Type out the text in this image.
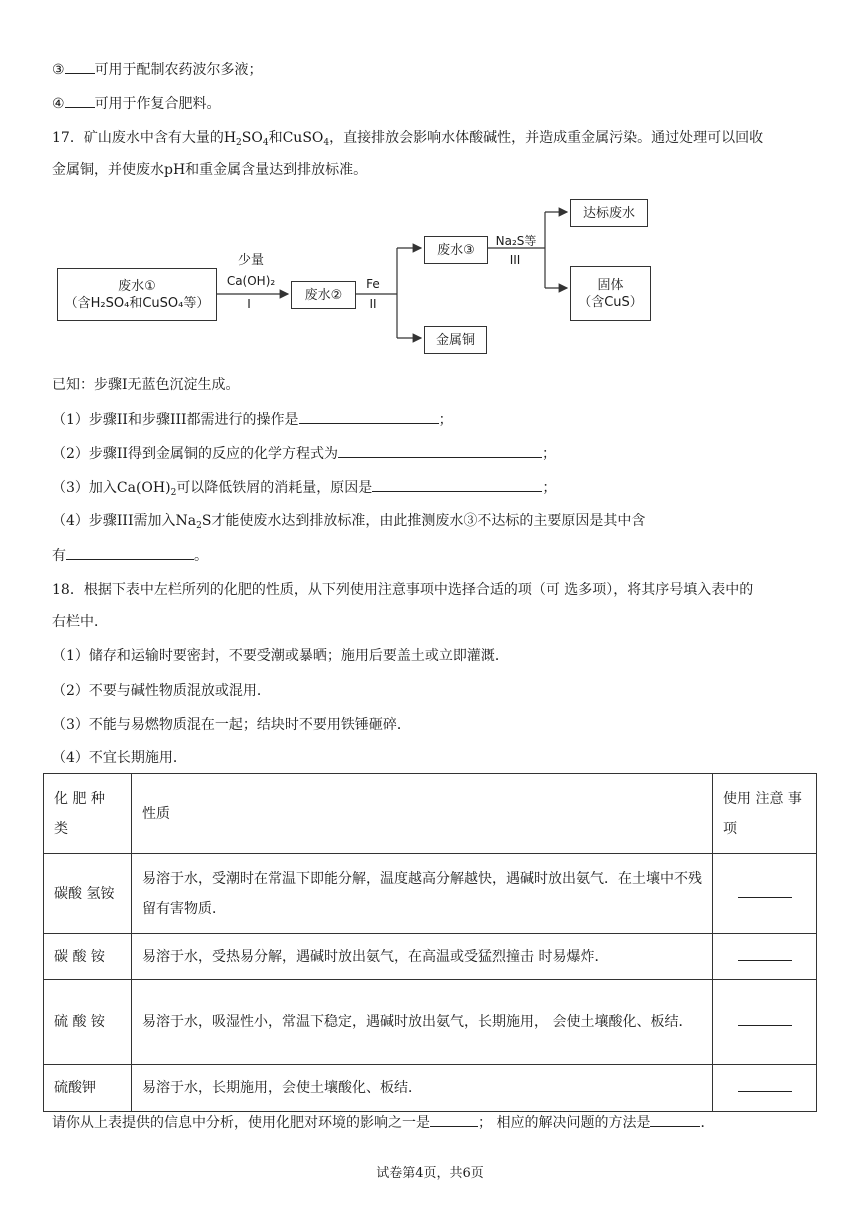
③ 可用于配制农药波尔多液；
④ 可用于作复合肥料。
17．矿山废水中含有大量的$H_2SO_4$和CuSO$_4$，直接排放会影响水体酸碱性，并造成重金属污染。通过处理可以回收
金属铜，并使废水pH和重金属含量达到排放标准。
废水①
（含H₂SO₄和CuSO₄等）
少量
Ca(OH)₂
I
废水②
Fe
II
废水③
Na₂S等
III
达标废水
固体
（含CuS）
金属铜
已知：步骤I无蓝色沉淀生成。
（1）步骤II和步骤III都需进行的操作是	；
（2）步骤II得到金属铜的反应的化学方程式为	；
（3）加入$Ca(OH)_2$可以降低铁屑的消耗量，原因是	；
（4）步骤III需加入$Na_2S$才能使废水达到排放标准，由此推测废水③不达标的主要原因是其中含
有	。
18．根据下表中左栏所列的化肥的性质，从下列使用注意事项中选择合适的项（可 选多项），将其序号填入表中的
右栏中．
（1）储存和运输时要密封，不要受潮或暴晒；施用后要盖土或立即灌溉．
（2）不要与碱性物质混放或混用．
（3）不能与易燃物质混在一起；结块时不要用铁锤砸碎．
（4）不宜长期施用．
化 肥 种 类	性质	使用 注意 事项
碳酸 氢铵	易溶于水，受潮时在常温下即能分解，温度越高分解越快，遇碱时放出氨气．在土壤中不残留有害物质．	
碳 酸 铵	易溶于水，受热易分解，遇碱时放出氨气，在高温或受猛烈撞击 时易爆炸．	
硫 酸 铵	易溶于水，吸湿性小，常温下稳定，遇碱时放出氨气，长期施用， 会使土壤酸化、板结．	
硫酸钾	易溶于水，长期施用，会使土壤酸化、板结．	
请你从上表提供的信息中分析，使用化肥对环境的影响之一是	； 相应的解决问题的方法是	．
试卷第4页，共6页
